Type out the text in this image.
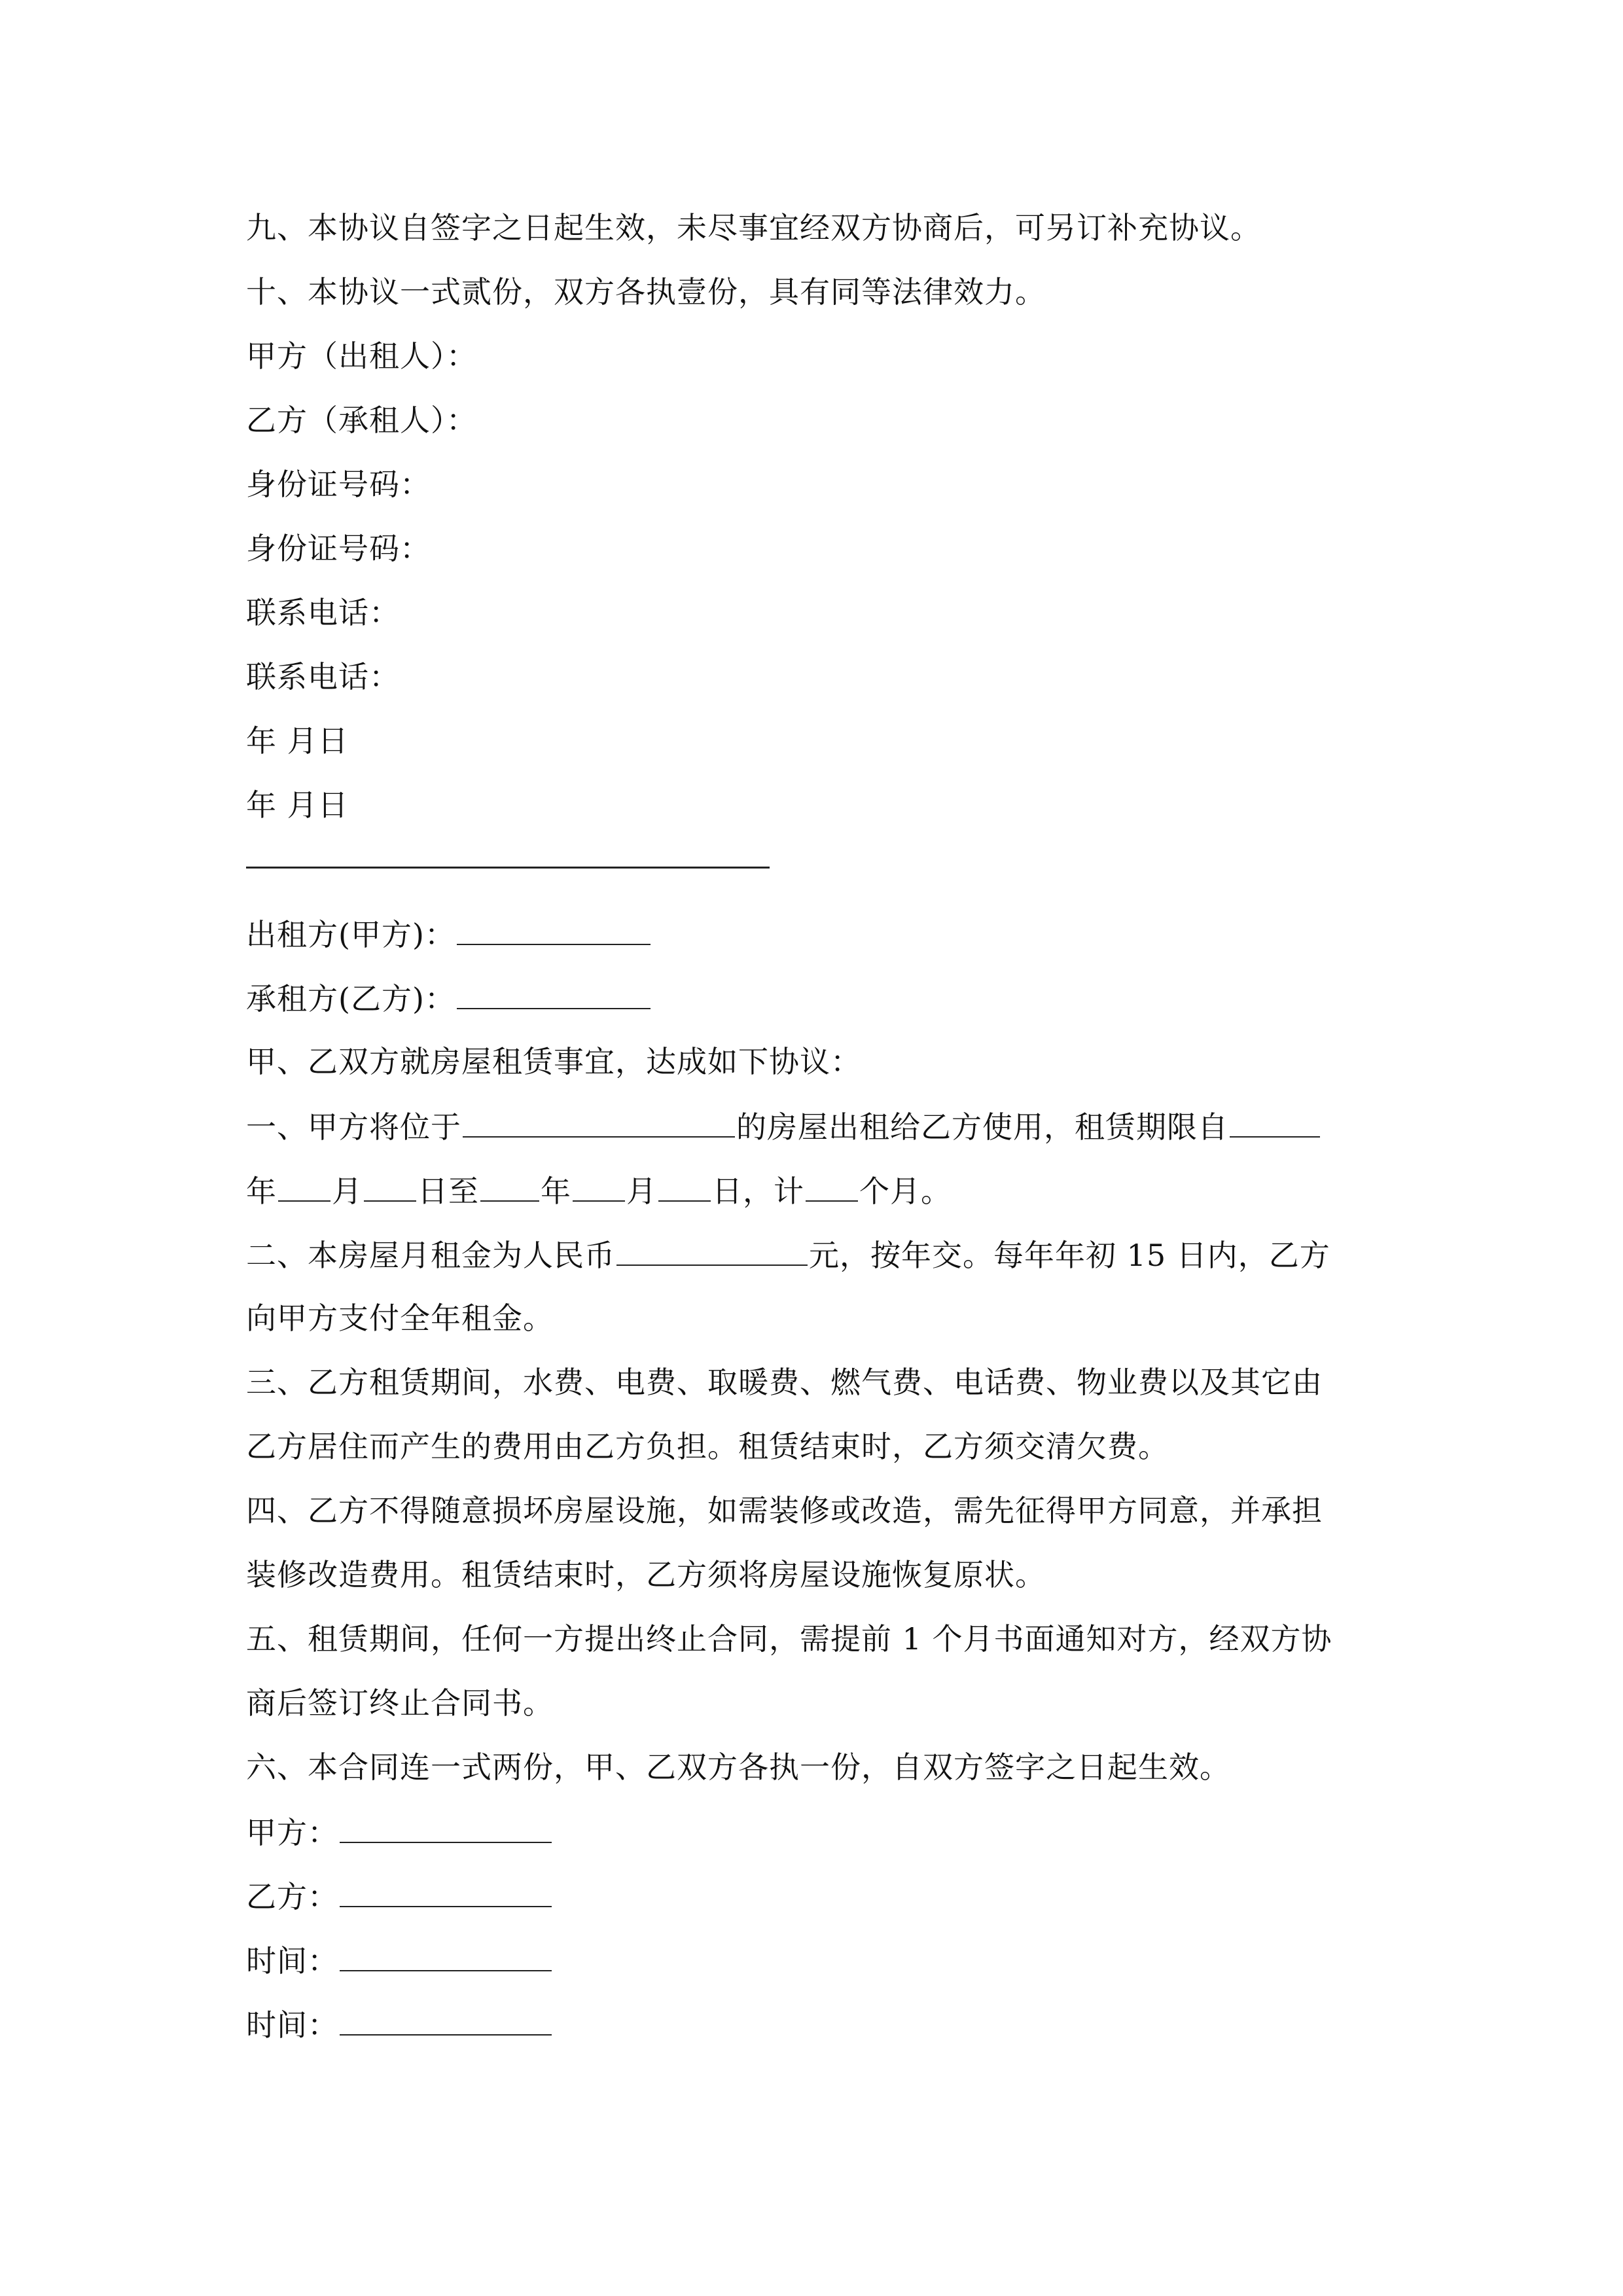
九、本协议自签字之日起生效，未尽事宜经双方协商后，可另订补充协议。
十、本协议一式贰份，双方各执壹份，具有同等法律效力。
甲方（出租人）：
乙方（承租人）：
身份证号码：
身份证号码：
联系电话：
联系电话：
年 月日
年 月日
出租方(甲方)：
承租方(乙方)：
甲、乙双方就房屋租赁事宜，达成如下协议：
一、甲方将位于	的房屋出租给乙方使用，租赁期限自
年 月 日至 年 月 日，计 个月。
二、本房屋月租金为人民币	元，按年交。每年年初 15 日内，乙方
向甲方支付全年租金。
三、乙方租赁期间，水费、电费、取暖费、燃气费、电话费、物业费以及其它由
乙方居住而产生的费用由乙方负担。租赁结束时，乙方须交清欠费。
四、乙方不得随意损坏房屋设施，如需装修或改造，需先征得甲方同意，并承担
装修改造费用。租赁结束时，乙方须将房屋设施恢复原状。
五、租赁期间，任何一方提出终止合同，需提前 1 个月书面通知对方，经双方协
商后签订终止合同书。
六、本合同连一式两份，甲、乙双方各执一份，自双方签字之日起生效。
甲方：
乙方：
时间：
时间：
